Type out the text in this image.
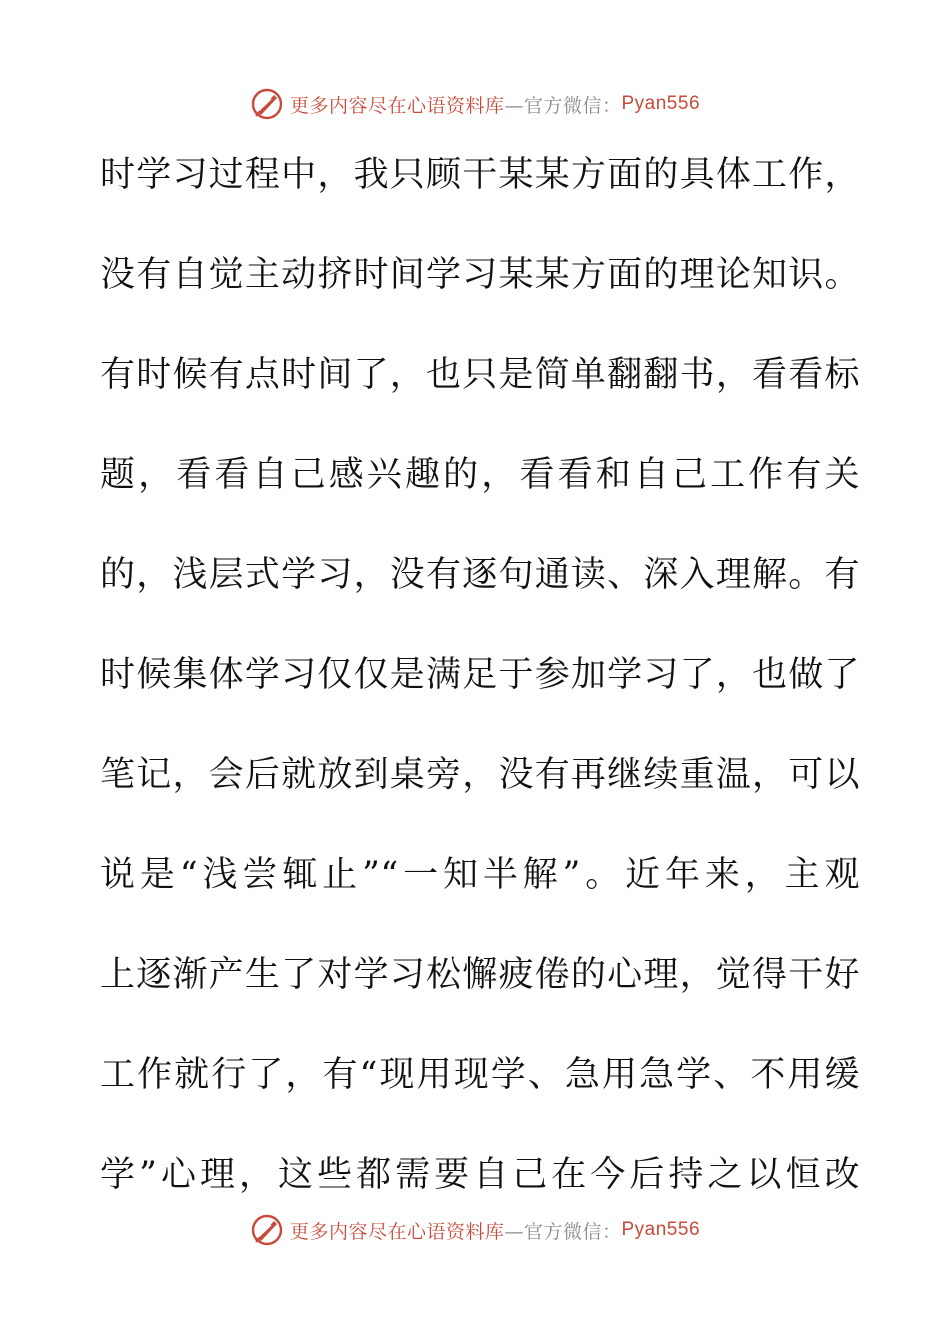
更多内容尽在心语资料库 —官方微信： Pyan556
时学习过程中，我只顾干某某方面的具体工作，
没有自觉主动挤时间学习某某方面的理论知识。
有时候有点时间了，也只是简单翻翻书，看看标
题，看看自己感兴趣的，看看和自己工作有关
的，浅层式学习，没有逐句通读、深入理解。有
时候集体学习仅仅是满足于参加学习了，也做了
笔记，会后就放到桌旁，没有再继续重温，可以
说是“浅尝辄止”“一知半解”。近年来，主观
上逐渐产生了对学习松懈疲倦的心理，觉得干好
工作就行了，有“现用现学、急用急学、不用缓
学”心理，这些都需要自己在今后持之以恒改
更多内容尽在心语资料库 —官方微信： Pyan556
